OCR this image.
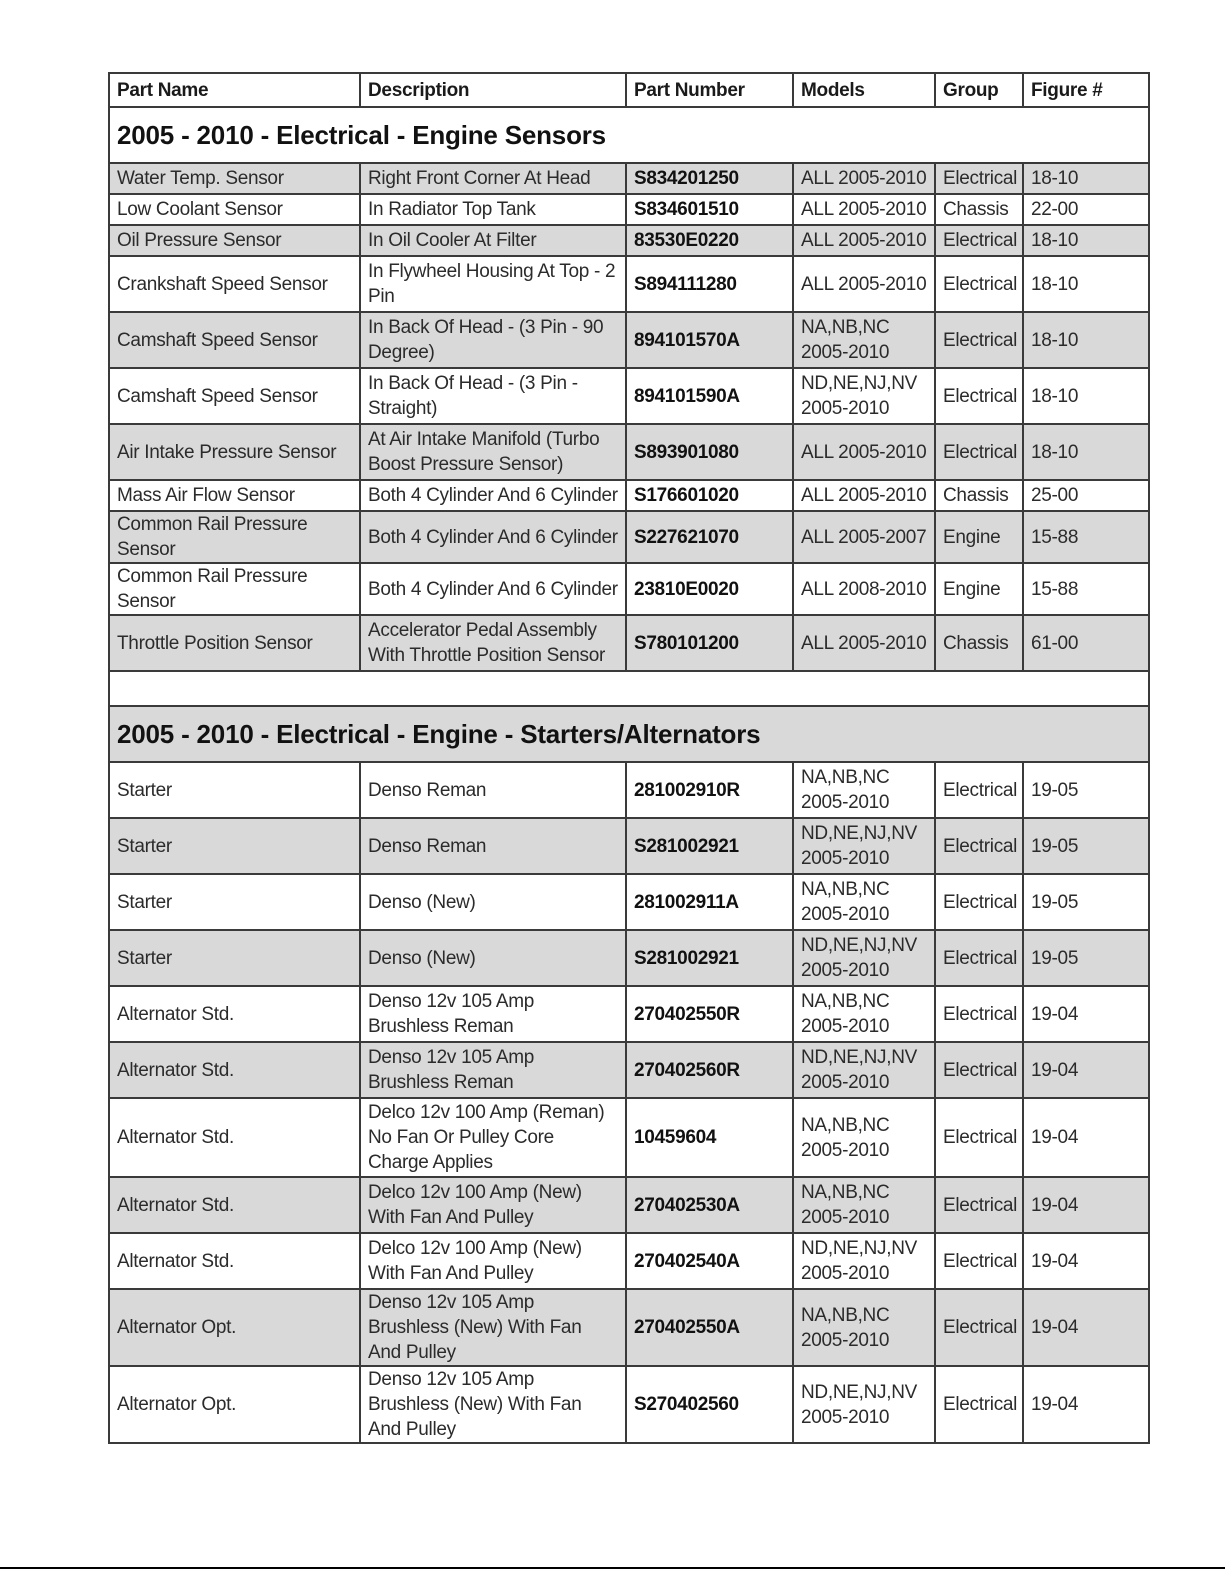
Part Name	Description	Part Number	Models	Group	Figure #
2005 - 2010 - Electrical - Engine Sensors					
Water Temp. Sensor	Right Front Corner At Head	S834201250	ALL 2005-2010	Electrical	18-10
Low Coolant Sensor	In Radiator Top Tank	S834601510	ALL 2005-2010	Chassis	22-00
Oil Pressure Sensor	In Oil Cooler At Filter	83530E0220	ALL 2005-2010	Electrical	18-10
Crankshaft Speed Sensor	In Flywheel Housing At Top - 2 Pin	S894111280	ALL 2005-2010	Electrical	18-10
Camshaft Speed Sensor	In Back Of Head - (3 Pin - 90 Degree)	894101570A	NA,NB,NC 2005-2010	Electrical	18-10
Camshaft Speed Sensor	In Back Of Head - (3 Pin - Straight)	894101590A	ND,NE,NJ,NV 2005-2010	Electrical	18-10
Air Intake Pressure Sensor	At Air Intake Manifold (Turbo Boost Pressure Sensor)	S893901080	ALL 2005-2010	Electrical	18-10
Mass Air Flow Sensor	Both 4 Cylinder And 6 Cylinder	S176601020	ALL 2005-2010	Chassis	25-00
Common Rail Pressure Sensor	Both 4 Cylinder And 6 Cylinder	S227621070	ALL 2005-2007	Engine	15-88
Common Rail Pressure Sensor	Both 4 Cylinder And 6 Cylinder	23810E0020	ALL 2008-2010	Engine	15-88
Throttle Position Sensor	Accelerator Pedal Assembly With Throttle Position Sensor	S780101200	ALL 2005-2010	Chassis	61-00

2005 - 2010 - Electrical - Engine - Starters/Alternators					
Starter	Denso Reman	281002910R	NA,NB,NC 2005-2010	Electrical	19-05
Starter	Denso Reman	S281002921	ND,NE,NJ,NV 2005-2010	Electrical	19-05
Starter	Denso (New)	281002911A	NA,NB,NC 2005-2010	Electrical	19-05
Starter	Denso (New)	S281002921	ND,NE,NJ,NV 2005-2010	Electrical	19-05
Alternator Std.	Denso 12v 105 Amp Brushless Reman	270402550R	NA,NB,NC 2005-2010	Electrical	19-04
Alternator Std.	Denso 12v 105 Amp Brushless Reman	270402560R	ND,NE,NJ,NV 2005-2010	Electrical	19-04
Alternator Std.	Delco 12v 100 Amp (Reman) No Fan Or Pulley Core Charge Applies	10459604	NA,NB,NC 2005-2010	Electrical	19-04
Alternator Std.	Delco 12v 100 Amp (New) With Fan And Pulley	270402530A	NA,NB,NC 2005-2010	Electrical	19-04
Alternator Std.	Delco 12v 100 Amp (New) With Fan And Pulley	270402540A	ND,NE,NJ,NV 2005-2010	Electrical	19-04
Alternator Opt.	Denso 12v 105 Amp Brushless (New) With Fan And Pulley	270402550A	NA,NB,NC 2005-2010	Electrical	19-04
Alternator Opt.	Denso 12v 105 Amp Brushless (New) With Fan And Pulley	S270402560	ND,NE,NJ,NV 2005-2010	Electrical	19-04
